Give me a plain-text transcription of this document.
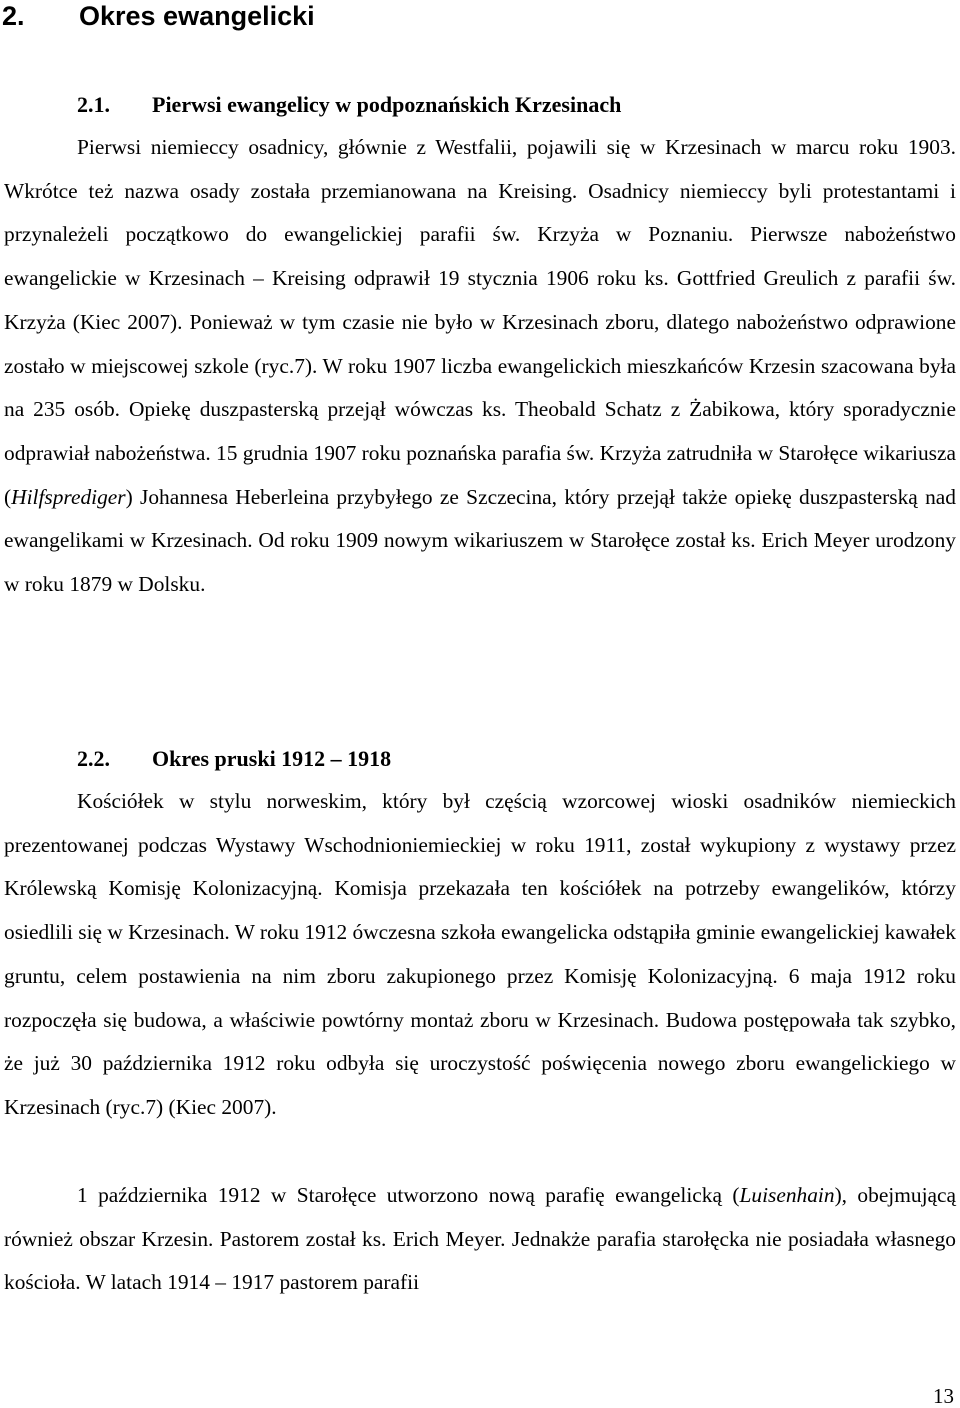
2. Okres ewangelicki
2.1. Pierwsi ewangelicy w podpoznańskich Krzesinach

Pierwsi niemieccy osadnicy, głównie z Westfalii, pojawili się w Krzesinach w marcu roku 1903. Wkrótce też nazwa osady została przemianowana na Kreising. Osadnicy niemieccy byli protestantami i przynależeli początkowo do ewangelickiej parafii św. Krzyża w Poznaniu. Pierwsze nabożeństwo ewangelickie w Krzesinach – Kreising odprawił 19 stycznia 1906 roku ks. Gottfried Greulich z parafii św. Krzyża (Kiec 2007). Ponieważ w tym czasie nie było w Krzesinach zboru, dlatego nabożeństwo odprawione zostało w miejscowej szkole (ryc.7). W roku 1907 liczba ewangelickich mieszkańców Krzesin szacowana była na 235 osób. Opiekę duszpasterską przejął wówczas ks. Theobald Schatz z Żabikowa, który sporadycznie odprawiał nabożeństwa. 15 grudnia 1907 roku poznańska parafia św. Krzyża zatrudniła w Starołęce wikariusza (Hilfsprediger) Johannesa Heberleina przybyłego ze Szczecina, który przejął także opiekę duszpasterską nad ewangelikami w Krzesinach. Od roku 1909 nowym wikariuszem w Starołęce został ks. Erich Meyer urodzony w roku 1879 w Dolsku.

2.2. Okres pruski 1912 – 1918

Kościółek w stylu norweskim, który był częścią wzorcowej wioski osadników niemieckich prezentowanej podczas Wystawy Wschodnioniemieckiej w roku 1911, został wykupiony z wystawy przez Królewską Komisję Kolonizacyjną. Komisja przekazała ten kościółek na potrzeby ewangelików, którzy osiedlili się w Krzesinach. W roku 1912 ówczesna szkoła ewangelicka odstąpiła gminie ewangelickiej kawałek gruntu, celem postawienia na nim zboru zakupionego przez Komisję Kolonizacyjną. 6 maja 1912 roku rozpoczęła się budowa, a właściwie powtórny montaż zboru w Krzesinach. Budowa postępowała tak szybko, że już 30 października 1912 roku odbyła się uroczystość poświęcenia nowego zboru ewangelickiego w Krzesinach (ryc.7) (Kiec 2007).

1 października 1912 w Starołęce utworzono nową parafię ewangelicką (Luisenhain), obejmującą również obszar Krzesin. Pastorem został ks. Erich Meyer. Jednakże parafia starołęcka nie posiadała własnego kościoła. W latach 1914 – 1917 pastorem parafii

13
